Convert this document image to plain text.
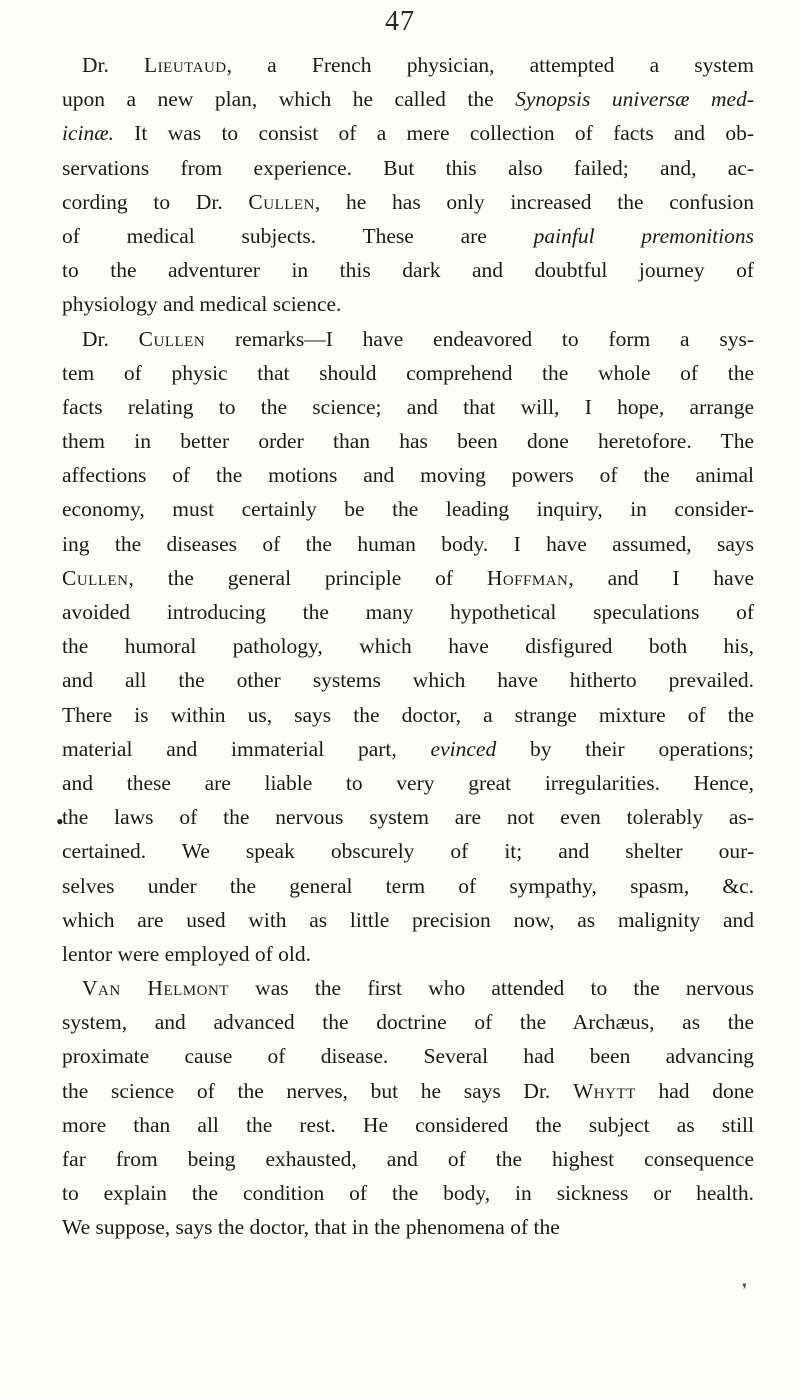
47
Dr. Lieutaud, a French physician, attempted a system
upon a new plan, which he called the Synopsis universæ med-
icinæ. It was to consist of a mere collection of facts and ob-
servations from experience. But this also failed; and, ac-
cording to Dr. Cullen, he has only increased the confusion
of medical subjects. These are painful premonitions
to the adventurer in this dark and doubtful journey of
physiology and medical science.
Dr. Cullen remarks—I have endeavored to form a sys-
tem of physic that should comprehend the whole of the
facts relating to the science; and that will, I hope, arrange
them in better order than has been done heretofore. The
affections of the motions and moving powers of the animal
economy, must certainly be the leading inquiry, in consider-
ing the diseases of the human body. I have assumed, says
Cullen, the general principle of Hoffman, and I have
avoided introducing the many hypothetical speculations of
the humoral pathology, which have disfigured both his,
and all the other systems which have hitherto prevailed.
There is within us, says the doctor, a strange mixture of the
material and immaterial part, evinced by their operations;
and these are liable to very great irregularities. Hence,
the laws of the nervous system are not even tolerably as-
certained. We speak obscurely of it; and shelter our-
selves under the general term of sympathy, spasm, &c.
which are used with as little precision now, as malignity and
lentor were employed of old.
Van Helmont was the first who attended to the nervous
system, and advanced the doctrine of the Archæus, as the
proximate cause of disease. Several had been advancing
the science of the nerves, but he says Dr. Whytt had done
more than all the rest. He considered the subject as still
far from being exhausted, and of the highest consequence
to explain the condition of the body, in sickness or health.
We suppose, says the doctor, that in the phenomena of the
•
❜
